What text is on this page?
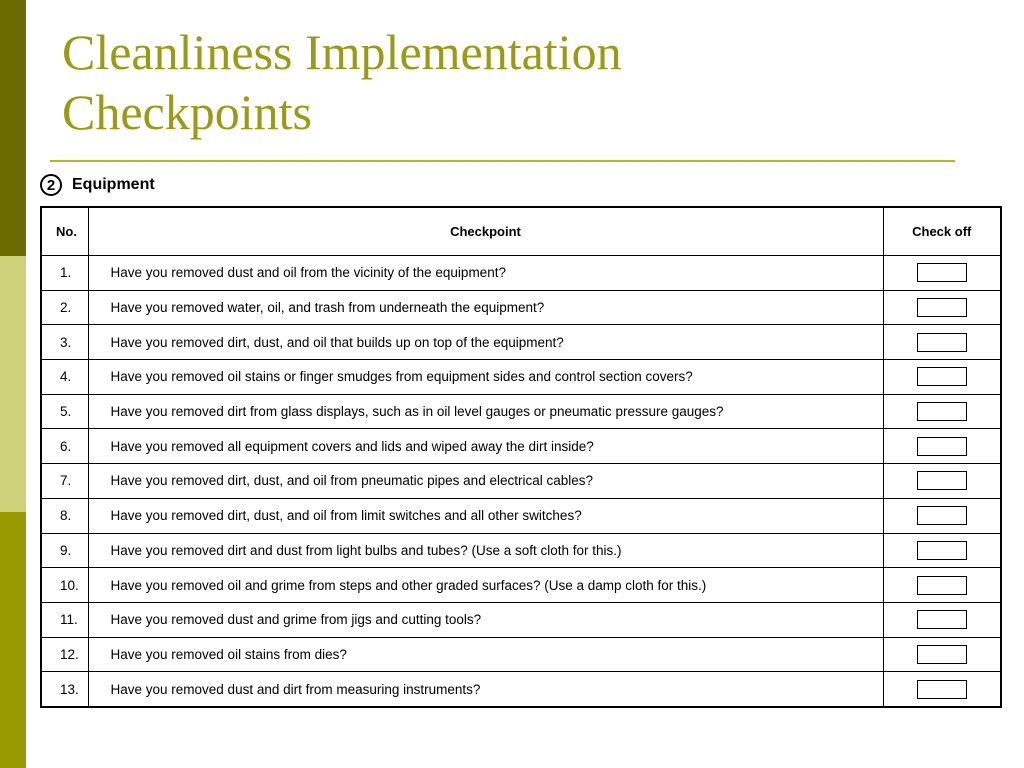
Cleanliness Implementation
Checkpoints
2	Equipment
No.	Checkpoint	Check off
1.	Have you removed dust and oil from the vicinity of the equipment?	
2.	Have you removed water, oil, and trash from underneath the equipment?	
3.	Have you removed dirt, dust, and oil that builds up on top of the equipment?	
4.	Have you removed oil stains or finger smudges from equipment sides and control section covers?	
5.	Have you removed dirt from glass displays, such as in oil level gauges or pneumatic pressure gauges?	
6.	Have you removed all equipment covers and lids and wiped away the dirt inside?	
7.	Have you removed dirt, dust, and oil from pneumatic pipes and electrical cables?	
8.	Have you removed dirt, dust, and oil from limit switches and all other switches?	
9.	Have you removed dirt and dust from light bulbs and tubes? (Use a soft cloth for this.)	
10.	Have you removed oil and grime from steps and other graded surfaces? (Use a damp cloth for this.)	
11.	Have you removed dust and grime from jigs and cutting tools?	
12.	Have you removed oil stains from dies?	
13.	Have you removed dust and dirt from measuring instruments?	
